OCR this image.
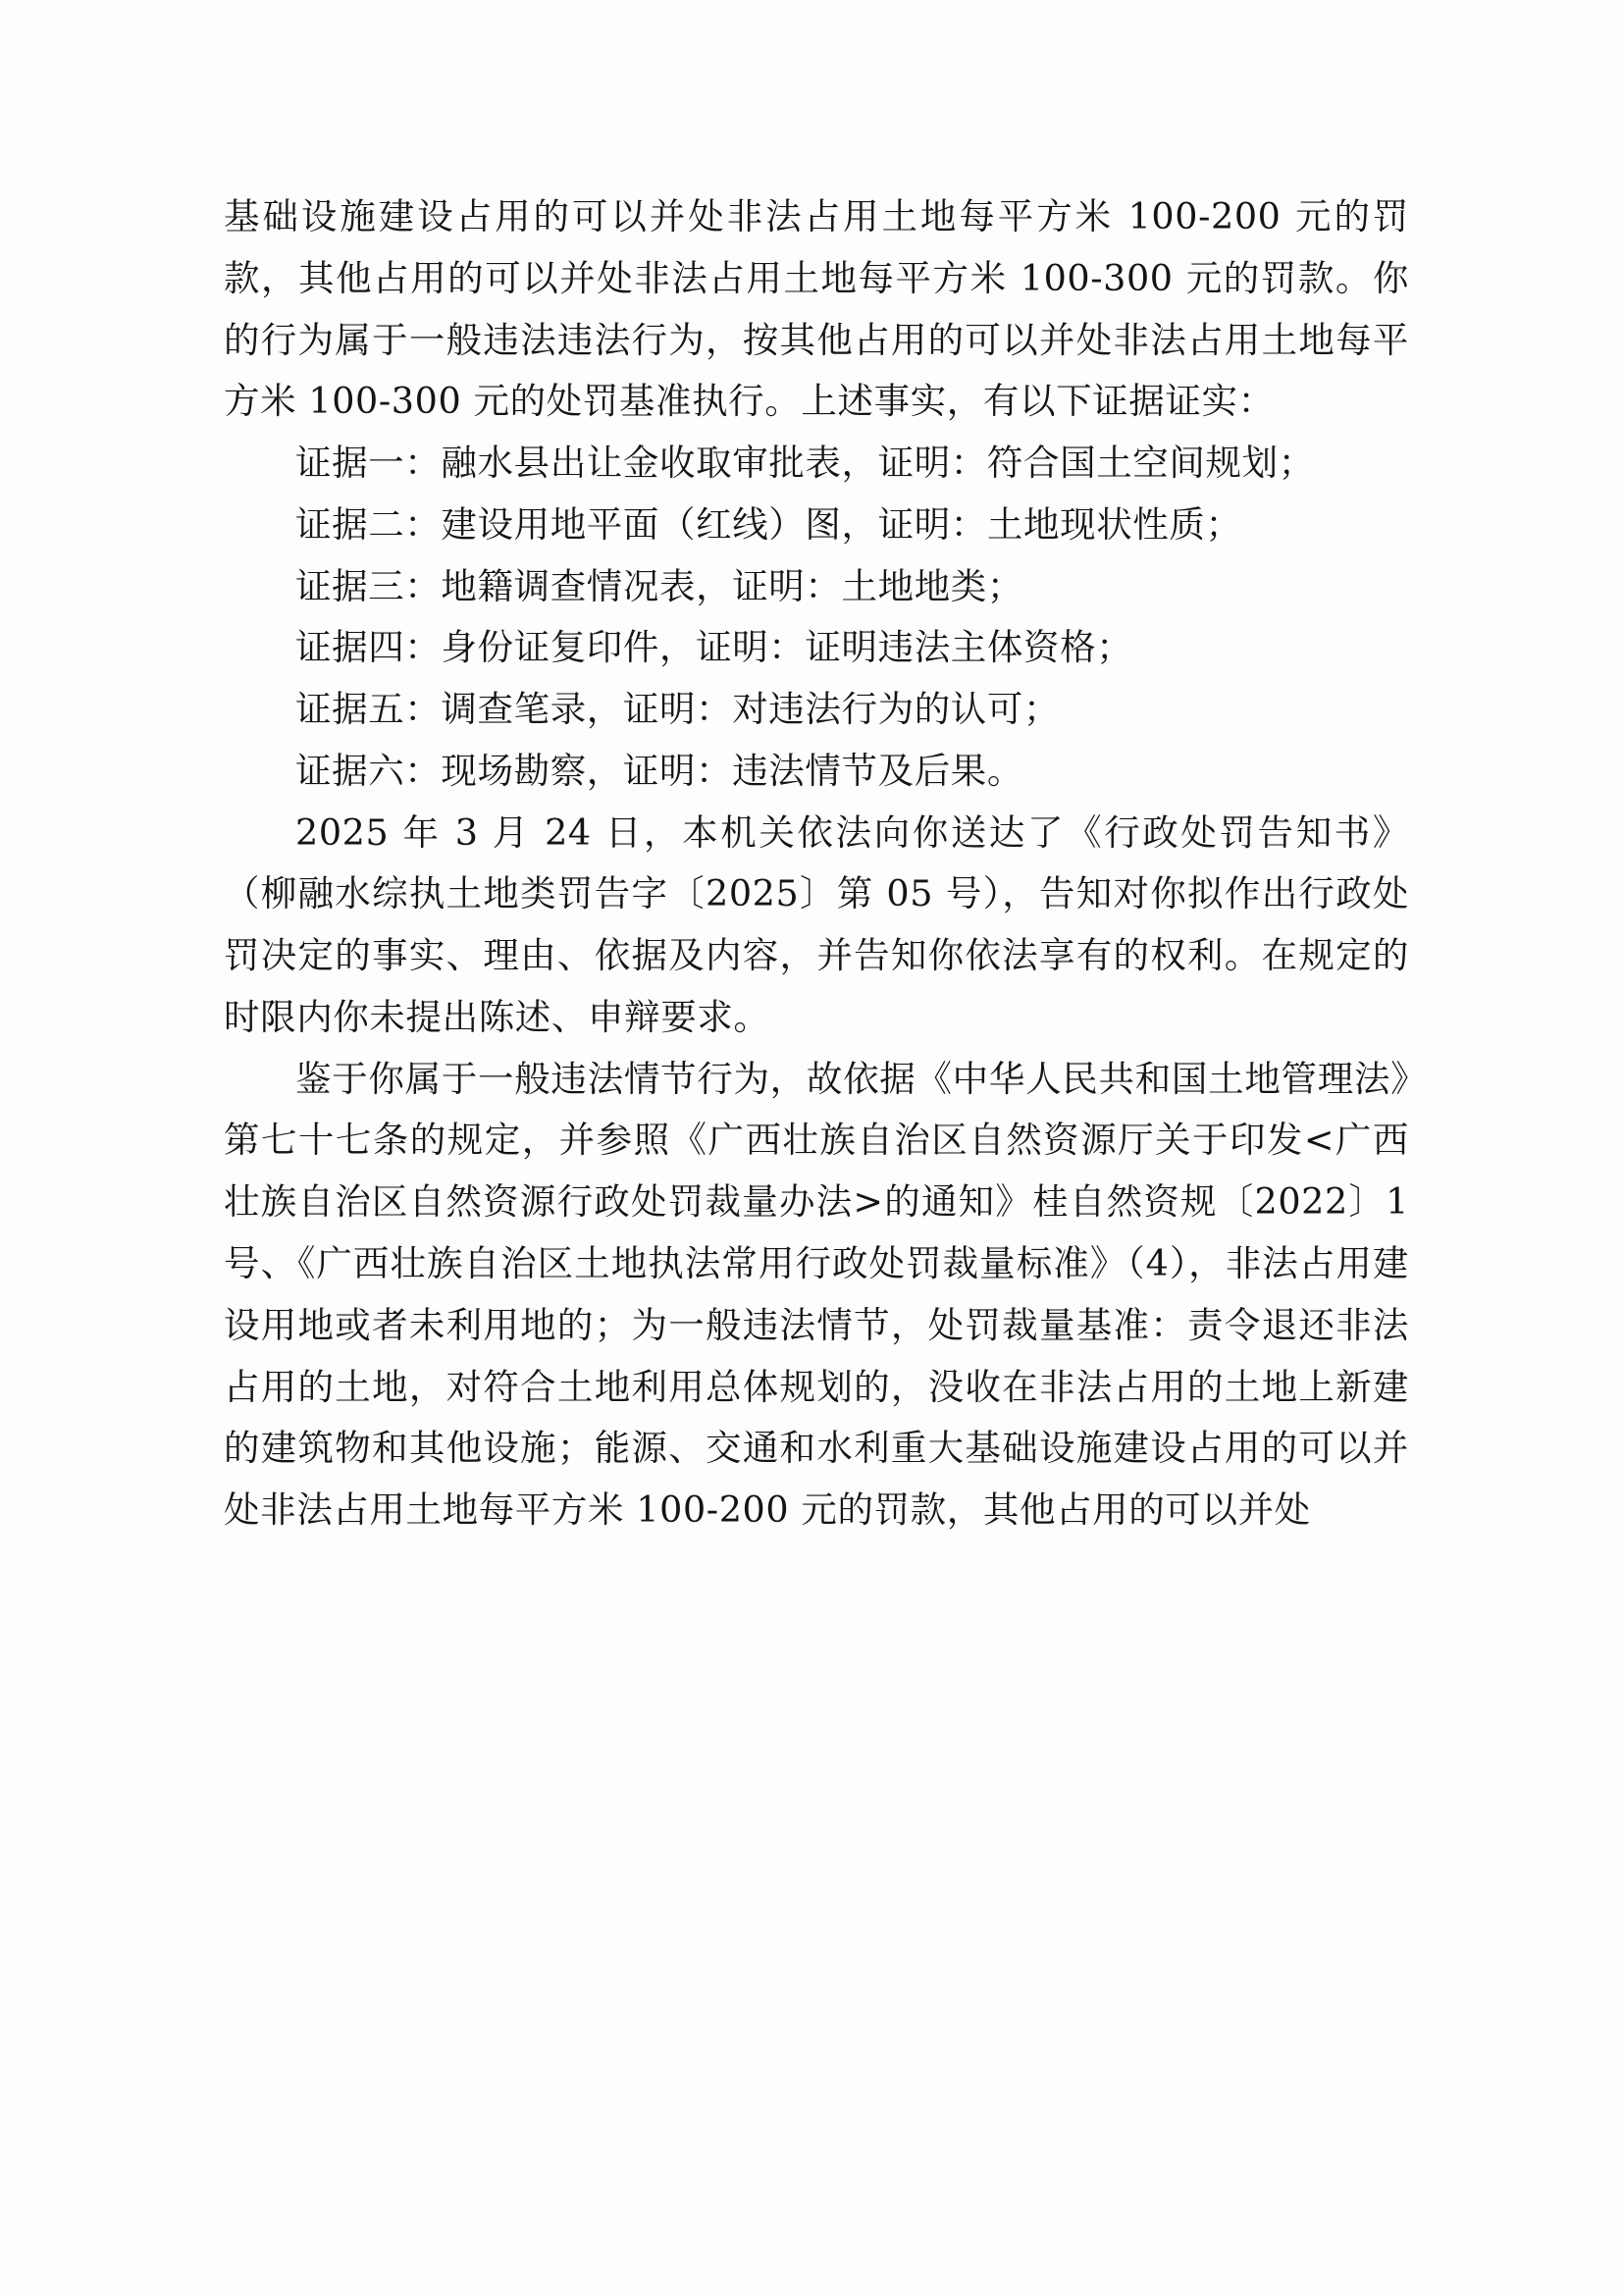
基础设施建设占用的可以并处非法占用土地每平方米 100-200 元的罚款，其他占用的可以并处非法占用土地每平方米 100-300 元的罚款。你的行为属于一般违法违法行为，按其他占用的可以并处非法占用土地每平方米 100-300 元的处罚基准执行。上述事实，有以下证据证实：

证据一：融水县出让金收取审批表，证明：符合国土空间规划；

证据二：建设用地平面（红线）图，证明：土地现状性质；

证据三：地籍调查情况表，证明：土地地类；

证据四：身份证复印件，证明：证明违法主体资格；

证据五：调查笔录，证明：对违法行为的认可；

证据六：现场勘察，证明：违法情节及后果。

2025 年 3 月 24 日，本机关依法向你送达了《行政处罚告知书》（柳融水综执土地类罚告字〔2025〕第 05 号），告知对你拟作出行政处罚决定的事实、理由、依据及内容，并告知你依法享有的权利。在规定的时限内你未提出陈述、申辩要求。

鉴于你属于一般违法情节行为，故依据《中华人民共和国土地管理法》第七十七条的规定，并参照《广西壮族自治区自然资源厅关于印发<广西壮族自治区自然资源行政处罚裁量办法>的通知》桂自然资规〔2022〕1 号、《广西壮族自治区土地执法常用行政处罚裁量标准》（4），非法占用建设用地或者未利用地的；为一般违法情节，处罚裁量基准：责令退还非法占用的土地，对符合土地利用总体规划的，没收在非法占用的土地上新建的建筑物和其他设施；能源、交通和水利重大基础设施建设占用的可以并处非法占用土地每平方米 100-200 元的罚款，其他占用的可以并处
